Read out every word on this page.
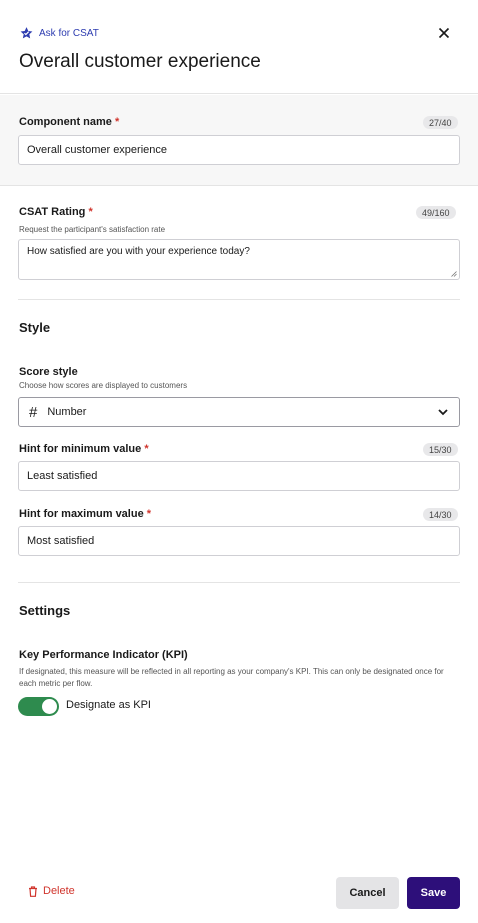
Ask for CSAT
Overall customer experience
Component name *	27/40
Overall customer experience
CSAT Rating *	49/160
Request the participant's satisfaction rate
How satisfied are you with your experience today?
Style
Score style
Choose how scores are displayed to customers
# Number
Hint for minimum value *	15/30
Least satisfied
Hint for maximum value *	14/30
Most satisfied
Settings
Key Performance Indicator (KPI)
If designated, this measure will be reflected in all reporting as your company's KPI. This can only be designated once for each metric per flow.
Designate as KPI
Delete	Cancel	Save
